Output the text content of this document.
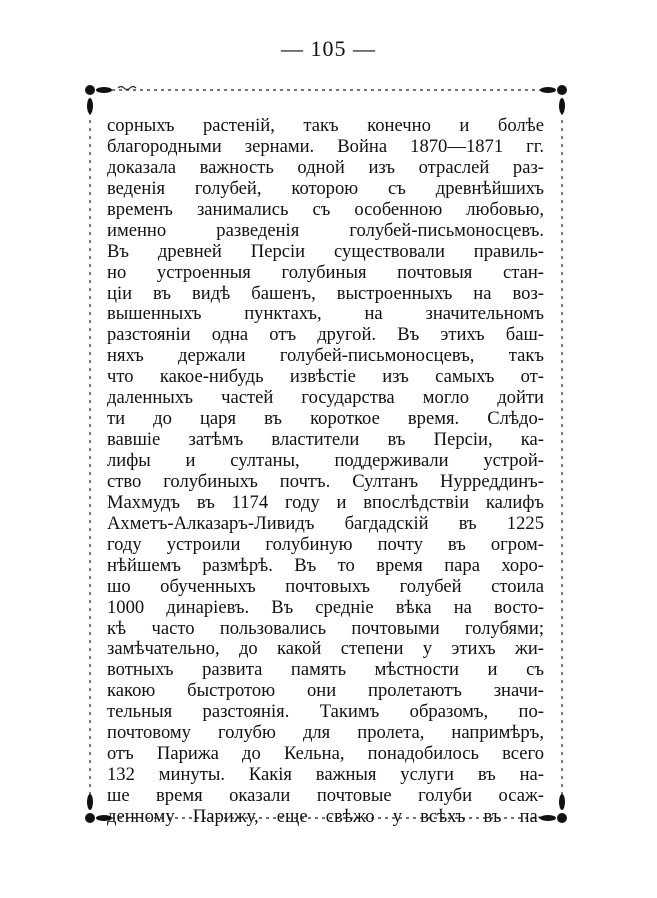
— 105 —
сорныхъ растеній, такъ конечно и болѣе
благородными зернами. Война 1870—1871 гг.
доказала важность одной изъ отраслей раз-
веденія голубей, которою съ древнѣйшихъ
временъ занимались съ особенною любовью,
именно разведенія голубей-письмоносцевъ.
Въ древней Персіи существовали правиль-
но устроенныя голубиныя почтовыя стан-
ціи въ видѣ башенъ, выстроенныхъ на воз-
вышенныхъ пунктахъ, на значительномъ
разстояніи одна отъ другой. Въ этихъ баш-
няхъ держали голубей-письмоносцевъ, такъ
что какое-нибудь извѣстіе изъ самыхъ от-
даленныхъ частей государства могло дойти
ти до царя въ короткое время. Слѣдо-
вавшіе затѣмъ властители въ Персіи, ка-
лифы и султаны, поддерживали устрой-
ство голубиныхъ почтъ. Султанъ Нурреддинъ-
Махмудъ въ 1174 году и впослѣдствіи калифъ
Ахметъ-Алказаръ-Ливидъ багдадскій въ 1225
году устроили голубиную почту въ огром-
нѣйшемъ размѣрѣ. Въ то время пара хоро-
шо обученныхъ почтовыхъ голубей стоила
1000 динаріевъ. Въ средніе вѣка на восто-
кѣ часто пользовались почтовыми голубями;
замѣчательно, до какой степени у этихъ жи-
вотныхъ развита память мѣстности и съ
какою быстротою они пролетаютъ значи-
тельныя разстоянія. Такимъ образомъ, по-
почтовому голубю для пролета, напримѣръ,
отъ Парижа до Кельна, понадобилось всего
132 минуты. Какія важныя услуги въ на-
ше время оказали почтовые голуби осаж-
денному Парижу, еще свѣжо у всѣхъ въ па-
